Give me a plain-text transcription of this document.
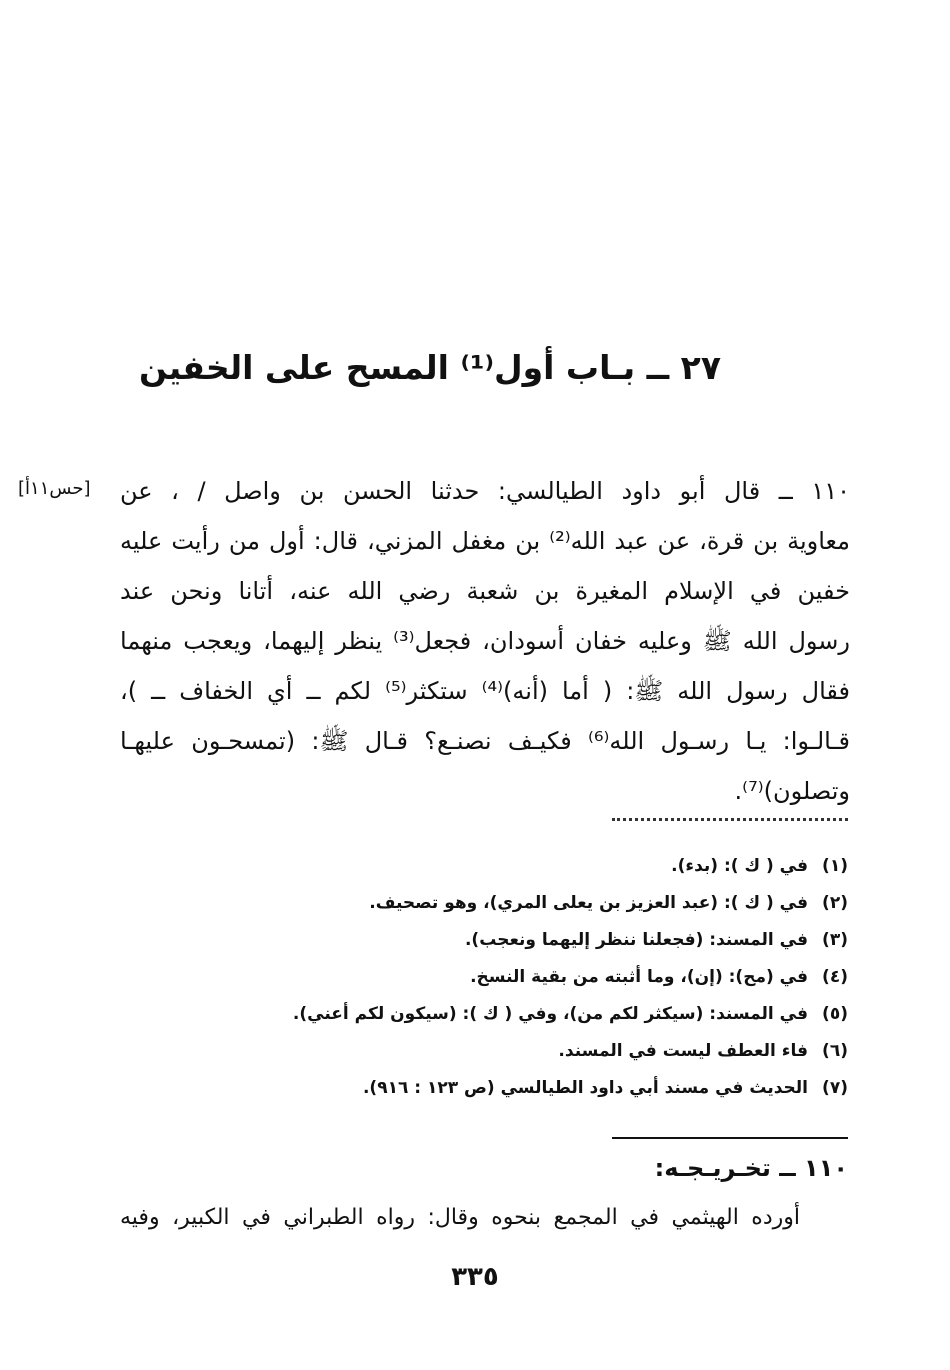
٢٧ ــ بـاب أول⁽¹⁾ المسح على الخفين
[حس١١أ] ١١٠ ــ قال أبو داود الطيالسي: حدثنا الحسن بن واصل / ، عن
معاوية بن قرة، عن عبد الله⁽²⁾ بن مغفل المزني، قال: أول من رأيت عليه
خفين في الإسلام المغيرة بن شعبة رضي الله عنه، أتانا ونحن عند
رسول الله ﷺ وعليه خفان أسودان، فجعل⁽³⁾ ينظر إليهما، ويعجب منهما
فقال رسول الله ﷺ: ( أما (أنه)⁽⁴⁾ ستكثر⁽⁵⁾ لكم ــ أي الخفاف ــ )،
قـالـوا: يـا رسـول الله⁽⁶⁾ فكيـف نصنـع؟ قـال ﷺ: (تمسحـون عليهـا
وتصلون)⁽⁷⁾.
(١)في ( ك ): (بدء).
(٢)في ( ك ): (عبد العزيز بن يعلى المري)، وهو تصحيف.
(٣)في المسند: (فجعلنا ننظر إليهما ونعجب).
(٤)في (مح): (إن)، وما أثبته من بقية النسخ.
(٥)في المسند: (سيكثر لكم من)، وفي ( ك ): (سيكون لكم أعني).
(٦)فاء العطف ليست في المسند.
(٧)الحديث في مسند أبي داود الطيالسي (ص ١٢٣ : ٩١٦).
١١٠ ــ تخـريـجـه:
أورده الهيثمي في المجمع بنحوه وقال: رواه الطبراني في الكبير، وفيه
٣٣٥
